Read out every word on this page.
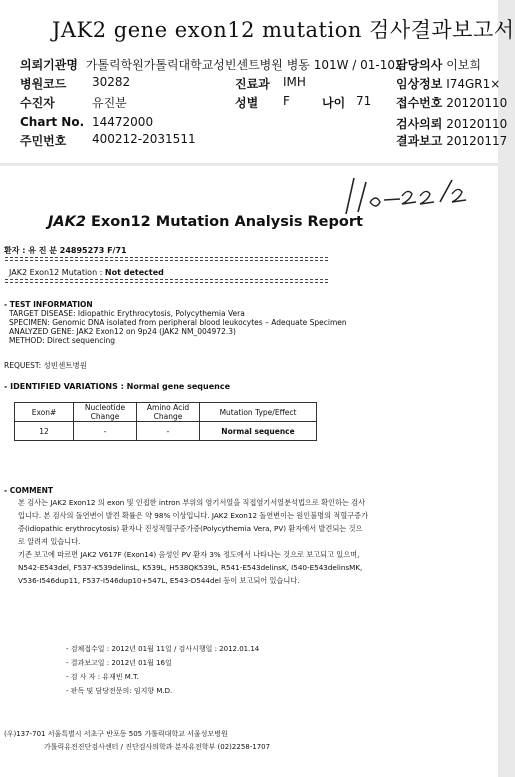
JAK2 gene exon12 mutation 검사결과보고서
의뢰기관명 가톨릭학원가톨릭대학교성빈센트병원 병동 101W / 01-102
병원코드 30282
수진자	유진분
Chart No. 14472000
주민번호 400212-2031511
진료과 IMH
성별 F	나이 71
담당의사 이보희
임상정보 I74GR1×
접수번호 20120110
검사의뢰 20120110
결과보고 20120117
JAK2 Exon12 Mutation Analysis Report
환자 : 유 진 분 24895273 F/71
JAK2 Exon12 Mutation : Not detected
- TEST INFORMATION
TARGET DISEASE: Idiopathic Erythrocytosis, Polycythemia Vera
SPECIMEN: Genomic DNA isolated from peripheral blood leukocytes – Adequate Specimen
ANALYZED GENE: JAK2 Exon12 on 9p24 (JAK2 NM_004972.3)
METHOD: Direct sequencing
REQUEST: 성빈센트병원
- IDENTIFIED VARIATIONS : Normal gene sequence
Exon#	Nucleotide Change	Amino Acid Change	Mutation Type/Effect
12	-	-	Normal sequence
- COMMENT
본 검사는 JAK2 Exon12 의 exon 및 인접한 intron 부위의 염기서열을 직접염기서열분석법으로 확인하는 검사입니다. 본 검사의 돌연변이 발견 확률은 약 98% 이상입니다. JAK2 Exon12 돌연변이는 원인불명의 적혈구증가증(idiopathic erythrocytosis) 환자나 진성적혈구증가증(Polycythemia Vera, PV) 환자에서 발견되는 것으로 알려져 있습니다.
기존 보고에 따르면 JAK2 V617F (Exon14) 음성인 PV 환자 3% 정도에서 나타나는 것으로 보고되고 있으며, N542-E543del, F537-K539delinsL, K539L, H538QK539L, R541-E543delinsK, I540-E543delinsMK, V536-I546dup11, F537-I546dup10+547L, E543-D544del 등이 보고되어 있습니다.
- 검체접수일 : 2012년 01월 11일 / 검사시행일 : 2012.01.14
- 결과보고일 : 2012년 01월 16일
- 검 사 자 : 유재빈 M.T.
- 판독 및 담당전문의: 임지향 M.D.
(우)137-701 서울특별시 서초구 반포동 505 가톨릭대학교 서울성모병원
가톨릭유전진단검사센터 / 진단검사의학과 분자유전학부 (02)2258-1707
